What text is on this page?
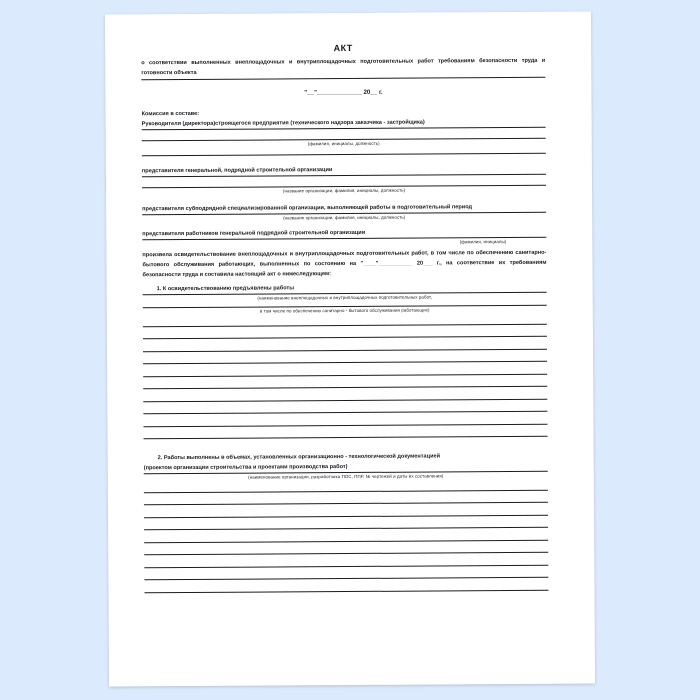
АКТ
о соответствии выполненных внеплощадочных и внутриплощадочных подготовительных работ требованиям безопасности труда и готовности объекта
"__"_____________ 20__ г.
Комиссия в составе:
Руководителя (директора)строящегося предприятия (технического надзора заказчика - застройщика)
(фамилия, инициалы, должность)
представителя генеральной, подрядной строительной организации
(название организации, фамилия, инициалы, должность)
представителя субподрядной специализированной организации, выполняющей работы в подготовительный период
(название организации, фамилия, инициалы, должность)
представителя работников генеральной подрядной строительной организации
(фамилия, инициалы)
произвела освидетельствование внеплощадочных и внутриплощадочных подготовительных работ, в том числе по обеспечению санитарно-бытового обслуживания работающих, выполненных по состоянию на "____"___________ 20___ г., на соответствие их требованиям безопасности труда и составила настоящий акт о нижеследующем:
1. К освидетельствованию предъявлены работы
(наименование внеплощадочных и внутриплощадочных подготовительных работ,
в том числе по обеспечению санитарно - бытового обслуживания работающих)
2. Работы выполнены в объемах, установленных организационно - технологической документацией
(проектом организации строительства и проектами производства работ)
(наименование организации, разработчика ПОС, ППР, № чертежей и даты их составления)
